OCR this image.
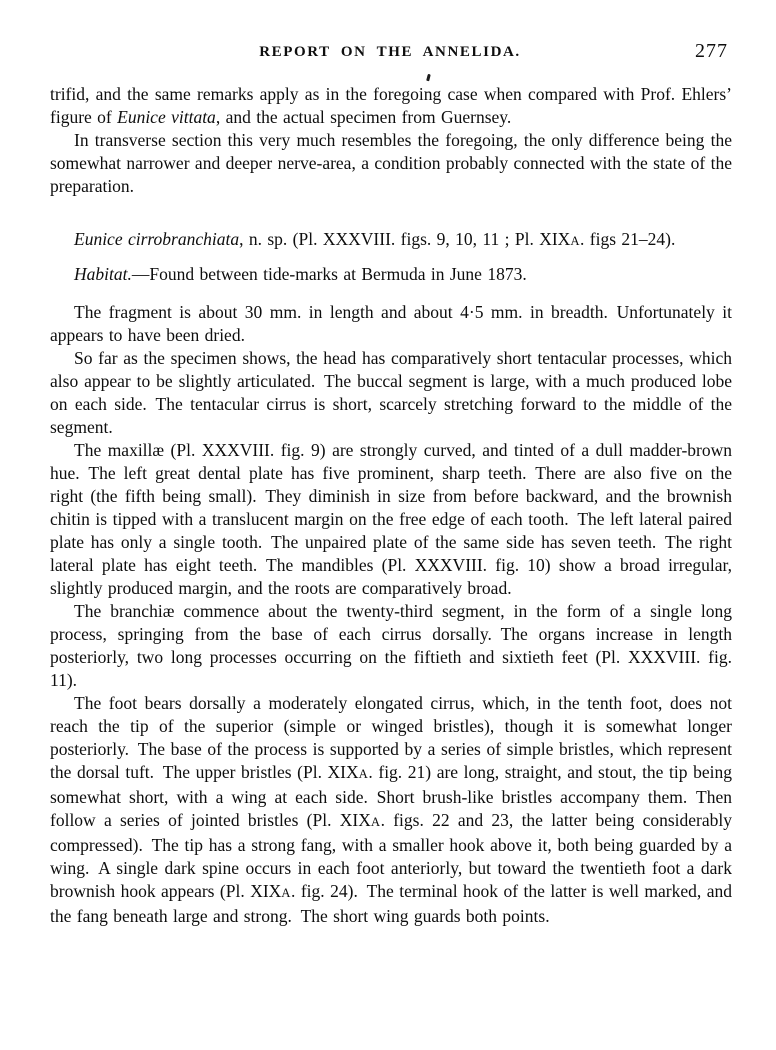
REPORT ON THE ANNELIDA.	277

trifid, and the same remarks apply as in the foregoing case when compared with Prof. Ehlers’ figure of Eunice vittata, and the actual specimen from Guernsey.

In transverse section this very much resembles the foregoing, the only difference being the somewhat narrower and deeper nerve-area, a condition probably connected with the state of the preparation.

Eunice cirrobranchiata, n. sp. (Pl. XXXVIII. figs. 9, 10, 11 ; Pl. XIXA. figs 21–24).

Habitat.—Found between tide-marks at Bermuda in June 1873.

The fragment is about 30 mm. in length and about 4·5 mm. in breadth. Unfortunately it appears to have been dried.

So far as the specimen shows, the head has comparatively short tentacular processes, which also appear to be slightly articulated. The buccal segment is large, with a much produced lobe on each side. The tentacular cirrus is short, scarcely stretching forward to the middle of the segment.

The maxillæ (Pl. XXXVIII. fig. 9) are strongly curved, and tinted of a dull madder-brown hue. The left great dental plate has five prominent, sharp teeth. There are also five on the right (the fifth being small). They diminish in size from before backward, and the brownish chitin is tipped with a translucent margin on the free edge of each tooth. The left lateral paired plate has only a single tooth. The unpaired plate of the same side has seven teeth. The right lateral plate has eight teeth. The mandibles (Pl. XXXVIII. fig. 10) show a broad irregular, slightly produced margin, and the roots are comparatively broad.

The branchiæ commence about the twenty-third segment, in the form of a single long process, springing from the base of each cirrus dorsally. The organs increase in length posteriorly, two long processes occurring on the fiftieth and sixtieth feet (Pl. XXXVIII. fig. 11).

The foot bears dorsally a moderately elongated cirrus, which, in the tenth foot, does not reach the tip of the superior (simple or winged bristles), though it is somewhat longer posteriorly. The base of the process is supported by a series of simple bristles, which represent the dorsal tuft. The upper bristles (Pl. XIXA. fig. 21) are long, straight, and stout, the tip being somewhat short, with a wing at each side. Short brush-like bristles accompany them. Then follow a series of jointed bristles (Pl. XIXA. figs. 22 and 23, the latter being considerably compressed). The tip has a strong fang, with a smaller hook above it, both being guarded by a wing. A single dark spine occurs in each foot anteriorly, but toward the twentieth foot a dark brownish hook appears (Pl. XIXA. fig. 24). The terminal hook of the latter is well marked, and the fang beneath large and strong. The short wing guards both points.
